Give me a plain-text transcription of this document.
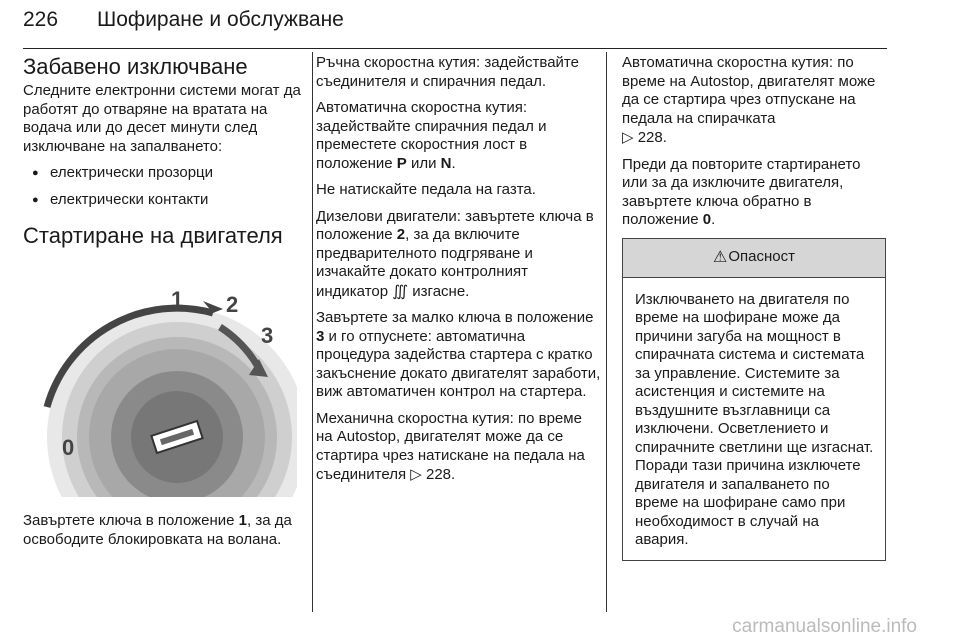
226 Шофиране и обслужване
Забавено изключване

Следните електронни системи могат да работят до отваряне на вратата на водача или до десет минути след изключване на запалването:

● електрически прозорци
● електрически контакти
Стартиране на двигателя
0
1 2
3

Завъртете ключа в положение 1, за да освободите блокировката на волана.

Ръчна скоростна кутия: задействайте съединителя и спирачния педал.

Автоматична скоростна кутия: задействайте спирачния педал и преместете скоростния лост в положение P или N.

Не натискайте педала на газта.

Дизелови двигатели: завъртете ключа в положение 2, за да включите предварителното подгряване и изчакайте докато контролният индикатор ∭ изгасне.

Завъртете за малко ключа в положение 3 и го отпуснете: автоматична процедура задейства стартера с кратко закъснение докато двигателят заработи, виж автоматичен контрол на стартера.

Механична скоростна кутия: по време на Autostop, двигателят може да се стартира чрез натискане на педала на съединителя ▷ 228.

Автоматична скоростна кутия: по време на Autostop, двигателят може да се стартира чрез отпускане на педала на спирачката
▷ 228.

Преди да повторите стартирането или за да изключите двигателя, завъртете ключа обратно в положение 0.

⚠ Опасност
Изключването на двигателя по време на шофиране може да причини загуба на мощност в спирачната система и системата за управление. Системите за асистенция и системите на въздушните възглавници са изключени. Осветлението и спирачните светлини ще изгаснат. Поради тази причина изключете двигателя и запалването по време на шофиране само при необходимост в случай на авария.
carmanualsonline.info
